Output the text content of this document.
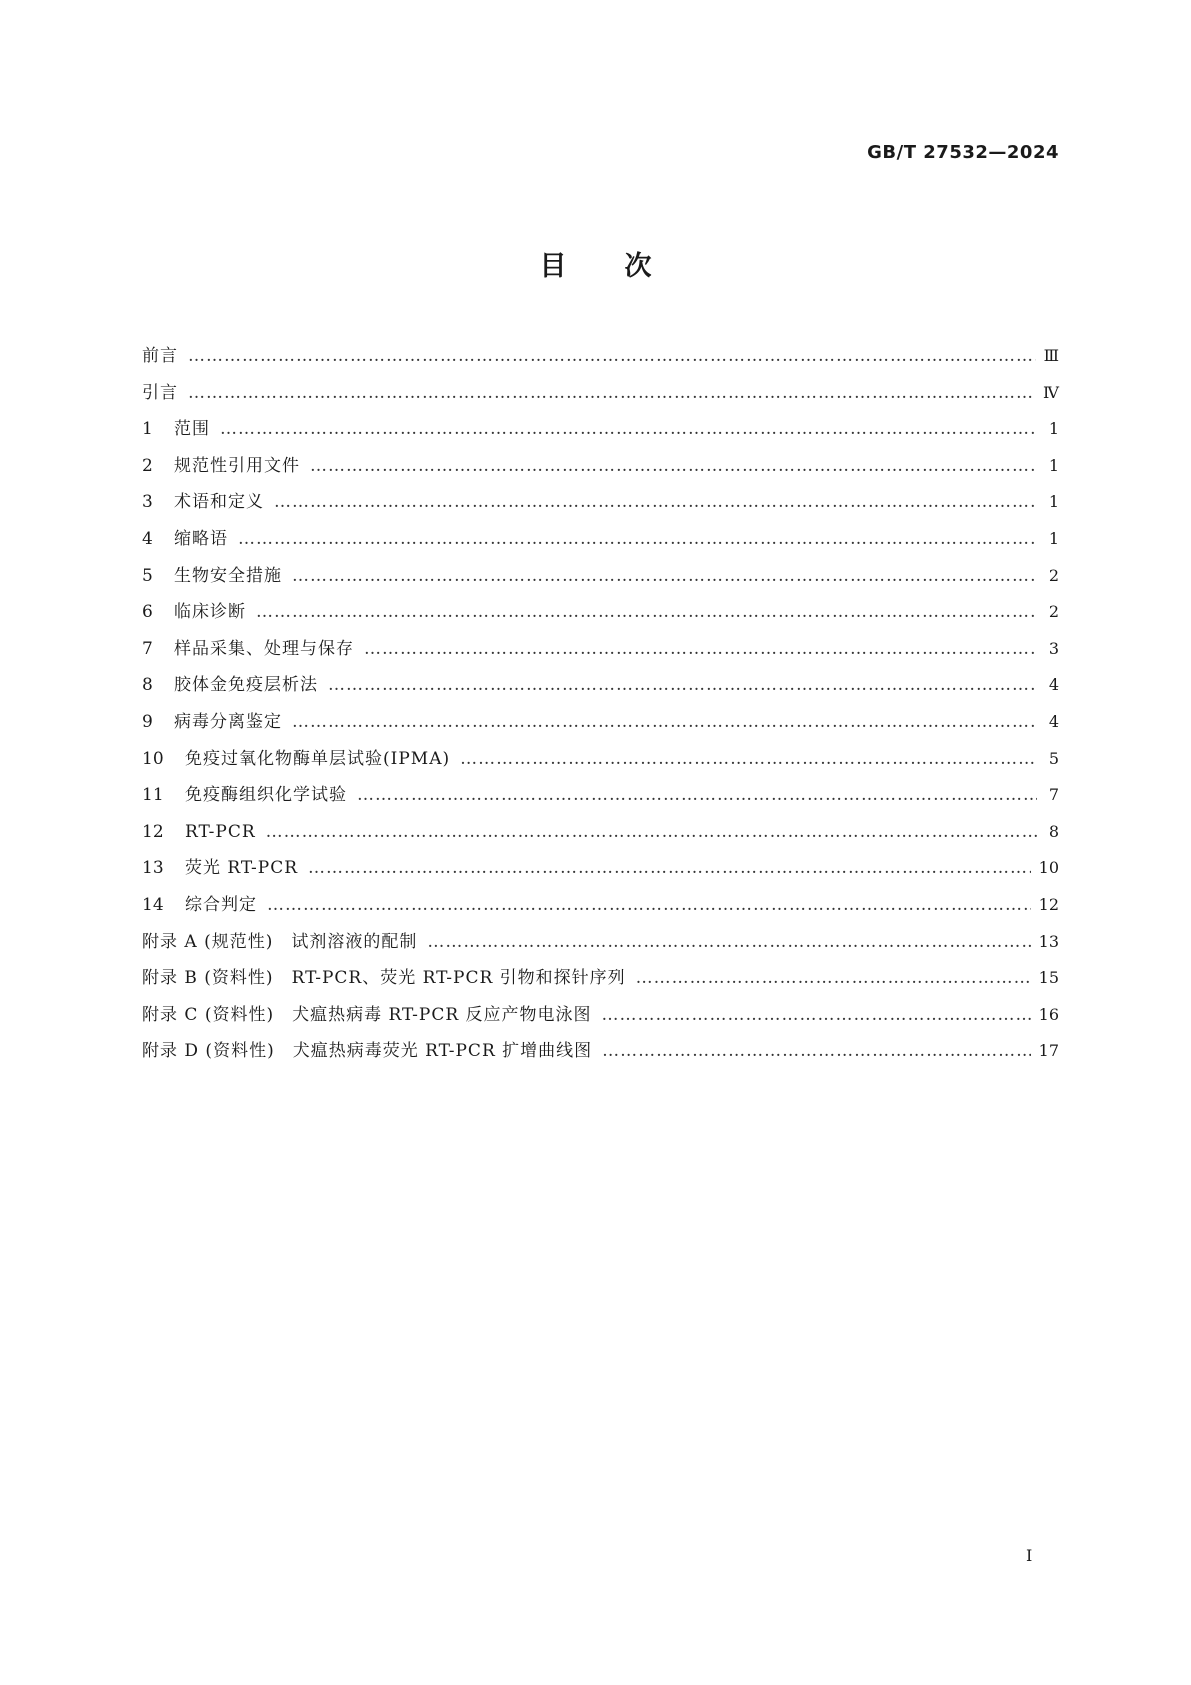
GB/T 27532—2024
目次
前言 ……………………………………………………………………………………………………………………………………………………………………………………………………………………	Ⅲ
引言 ……………………………………………………………………………………………………………………………………………………………………………………………………………………	Ⅳ
1	范围 ……………………………………………………………………………………………………………………………………………………………………………………………………………………	1
2	规范性引用文件 ……………………………………………………………………………………………………………………………………………………………………………………………………………………	1
3	术语和定义 ……………………………………………………………………………………………………………………………………………………………………………………………………………………	1
4	缩略语 ……………………………………………………………………………………………………………………………………………………………………………………………………………………	1
5	生物安全措施 ……………………………………………………………………………………………………………………………………………………………………………………………………………………	2
6	临床诊断 ……………………………………………………………………………………………………………………………………………………………………………………………………………………	2
7	样品采集、处理与保存 ……………………………………………………………………………………………………………………………………………………………………………………………………………………	3
8	胶体金免疫层析法 ……………………………………………………………………………………………………………………………………………………………………………………………………………………	4
9	病毒分离鉴定 ……………………………………………………………………………………………………………………………………………………………………………………………………………………	4
10	免疫过氧化物酶单层试验(IPMA) ……………………………………………………………………………………………………………………………………………………………………………………………………………………	5
11	免疫酶组织化学试验 ……………………………………………………………………………………………………………………………………………………………………………………………………………………	7
12	RT-PCR ……………………………………………………………………………………………………………………………………………………………………………………………………………………	8
13	荧光 RT-PCR ……………………………………………………………………………………………………………………………………………………………………………………………………………………	10
14	综合判定 ……………………………………………………………………………………………………………………………………………………………………………………………………………………	12
附录 A (规范性)　试剂溶液的配制 ……………………………………………………………………………………………………………………………………………………………………………………………………………………	13
附录 B (资料性)　RT-PCR、荧光 RT-PCR 引物和探针序列 ……………………………………………………………………………………………………………………………………………………………………………………………………………………	15
附录 C (资料性)　犬瘟热病毒 RT-PCR 反应产物电泳图 ……………………………………………………………………………………………………………………………………………………………………………………………………………………	16
附录 D (资料性)　犬瘟热病毒荧光 RT-PCR 扩增曲线图 ……………………………………………………………………………………………………………………………………………………………………………………………………………………	17
I
